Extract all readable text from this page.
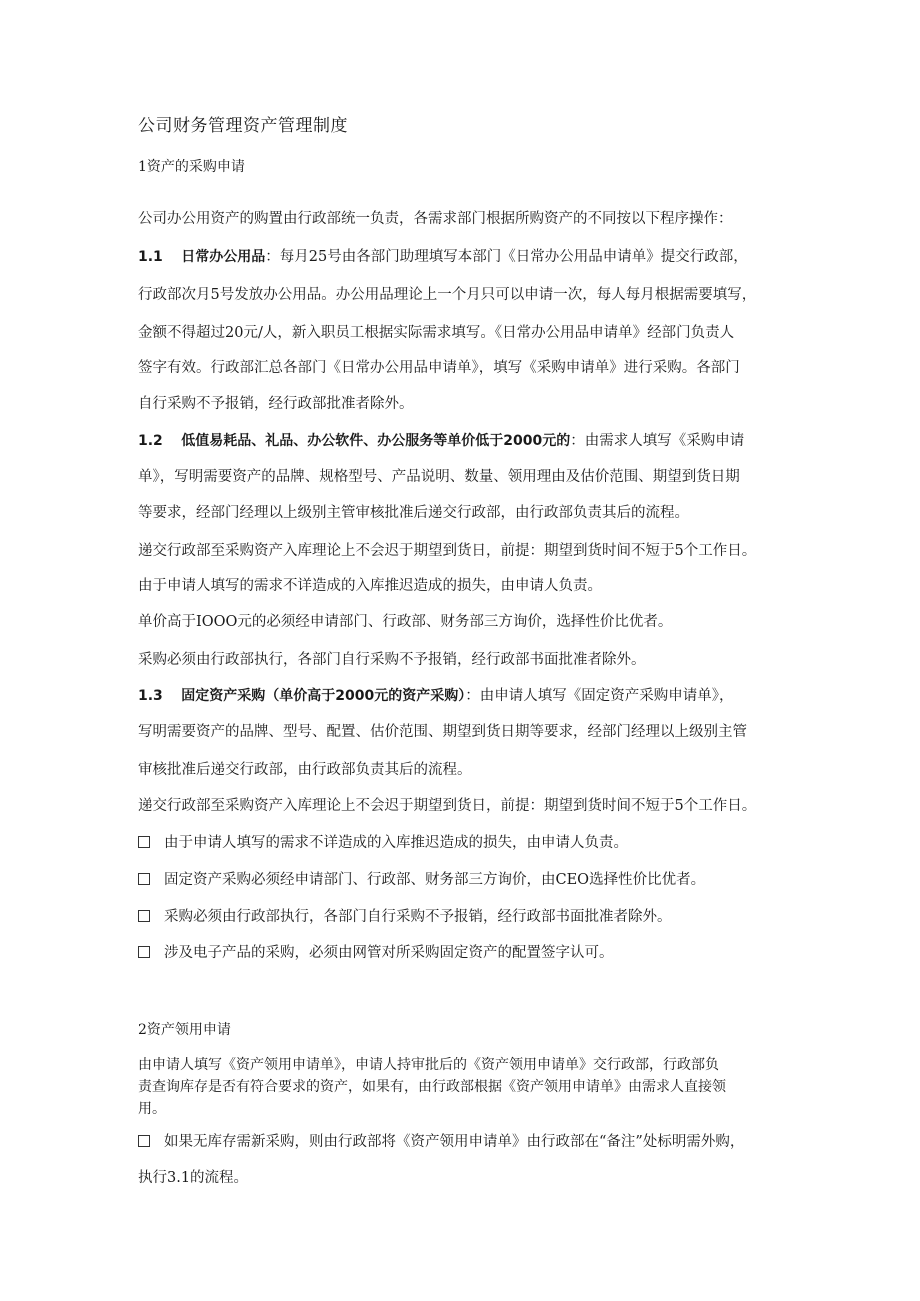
公司财务管理资产管理制度
1资产的采购申请
公司办公用资产的购置由行政部统一负责，各需求部门根据所购资产的不同按以下程序操作：
1.1 日常办公用品：每月25号由各部门助理填写本部门《日常办公用品申请单》提交行政部，
行政部次月5号发放办公用品。办公用品理论上一个月只可以申请一次，每人每月根据需要填写，
金额不得超过20元/人，新入职员工根据实际需求填写。《日常办公用品申请单》经部门负责人
签字有效。行政部汇总各部门《日常办公用品申请单》，填写《采购申请单》进行采购。各部门
自行采购不予报销，经行政部批准者除外。
1.2 低值易耗品、礼品、办公软件、办公服务等单价低于2000元的：由需求人填写《采购申请
单》，写明需要资产的品牌、规格型号、产品说明、数量、领用理由及估价范围、期望到货日期
等要求，经部门经理以上级别主管审核批准后递交行政部，由行政部负责其后的流程。
递交行政部至采购资产入库理论上不会迟于期望到货日，前提：期望到货时间不短于5个工作日。
由于申请人填写的需求不详造成的入库推迟造成的损失，由申请人负责。
单价高于IOOO元的必须经申请部门、行政部、财务部三方询价，选择性价比优者。
采购必须由行政部执行，各部门自行采购不予报销，经行政部书面批准者除外。
1.3 固定资产采购（单价高于2000元的资产采购）：由申请人填写《固定资产采购申请单》，
写明需要资产的品牌、型号、配置、估价范围、期望到货日期等要求，经部门经理以上级别主管
审核批准后递交行政部，由行政部负责其后的流程。
递交行政部至采购资产入库理论上不会迟于期望到货日，前提：期望到货时间不短于5个工作日。
由于申请人填写的需求不详造成的入库推迟造成的损失，由申请人负责。
固定资产采购必须经申请部门、行政部、财务部三方询价，由CEO选择性价比优者。
采购必须由行政部执行，各部门自行采购不予报销，经行政部书面批准者除外。
涉及电子产品的采购，必须由网管对所采购固定资产的配置签字认可。
2资产领用申请
由申请人填写《资产领用申请单》，申请人持审批后的《资产领用申请单》交行政部，行政部负
责查询库存是否有符合要求的资产，如果有，由行政部根据《资产领用申请单》由需求人直接领
用。
如果无库存需新采购，则由行政部将《资产领用申请单》由行政部在“备注”处标明需外购，
执行3.1的流程。
